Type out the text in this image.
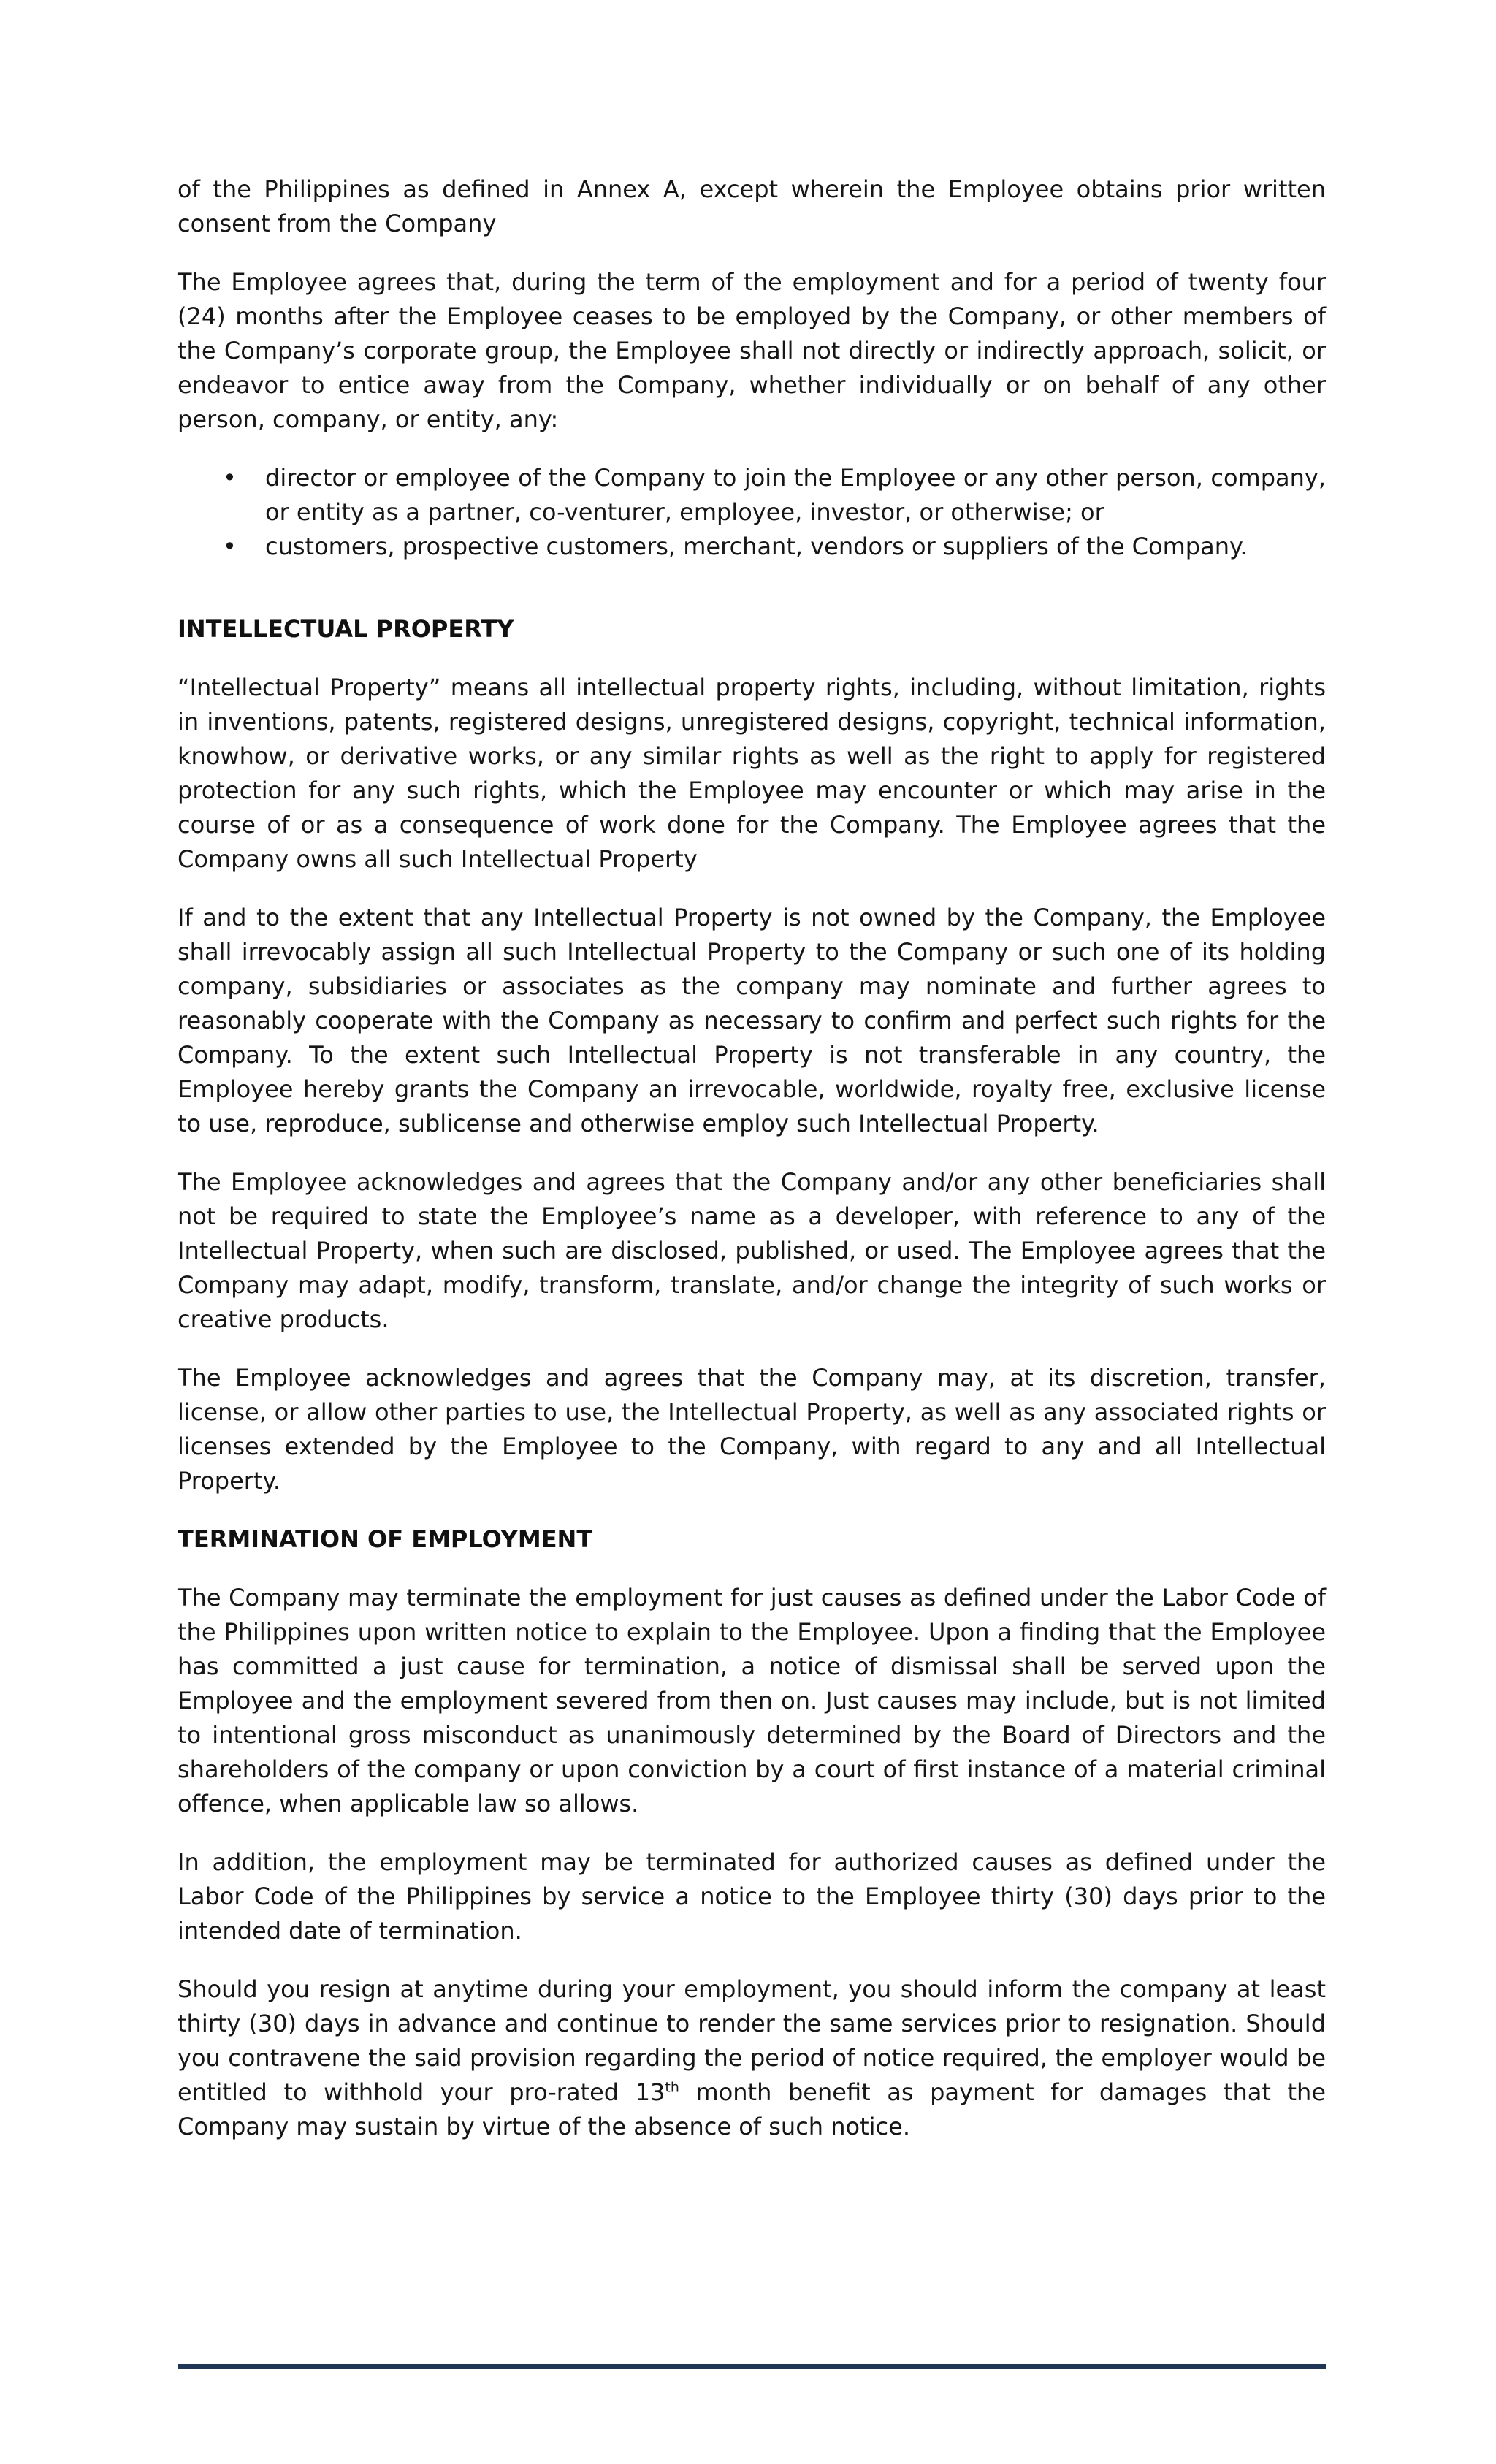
of the Philippines as defined in Annex A, except wherein the Employee obtains prior written consent from the Company

The Employee agrees that, during the term of the employment and for a period of twenty four (24) months after the Employee ceases to be employed by the Company, or other members of the Company’s corporate group, the Employee shall not directly or indirectly approach, solicit, or endeavor to entice away from the Company, whether individually or on behalf of any other person, company, or entity, any:

• director or employee of the Company to join the Employee or any other person, company, or entity as a partner, co-venturer, employee, investor, or otherwise; or
• customers, prospective customers, merchant, vendors or suppliers of the Company.
INTELLECTUAL PROPERTY

“Intellectual Property” means all intellectual property rights, including, without limitation, rights in inventions, patents, registered designs, unregistered designs, copyright, technical information, knowhow, or derivative works, or any similar rights as well as the right to apply for registered protection for any such rights, which the Employee may encounter or which may arise in the course of or as a consequence of work done for the Company. The Employee agrees that the Company owns all such Intellectual Property

If and to the extent that any Intellectual Property is not owned by the Company, the Employee shall irrevocably assign all such Intellectual Property to the Company or such one of its holding company, subsidiaries or associates as the company may nominate and further agrees to reasonably cooperate with the Company as necessary to confirm and perfect such rights for the Company. To the extent such Intellectual Property is not transferable in any country, the Employee hereby grants the Company an irrevocable, worldwide, royalty free, exclusive license to use, reproduce, sublicense and otherwise employ such Intellectual Property.

The Employee acknowledges and agrees that the Company and/or any other beneficiaries shall not be required to state the Employee’s name as a developer, with reference to any of the Intellectual Property, when such are disclosed, published, or used. The Employee agrees that the Company may adapt, modify, transform, translate, and/or change the integrity of such works or creative products.

The Employee acknowledges and agrees that the Company may, at its discretion, transfer, license, or allow other parties to use, the Intellectual Property, as well as any associated rights or licenses extended by the Employee to the Company, with regard to any and all Intellectual Property.

TERMINATION OF EMPLOYMENT

The Company may terminate the employment for just causes as defined under the Labor Code of the Philippines upon written notice to explain to the Employee. Upon a finding that the Employee has committed a just cause for termination, a notice of dismissal shall be served upon the Employee and the employment severed from then on. Just causes may include, but is not limited to intentional gross misconduct as unanimously determined by the Board of Directors and the shareholders of the company or upon conviction by a court of first instance of a material criminal offence, when applicable law so allows.

In addition, the employment may be terminated for authorized causes as defined under the Labor Code of the Philippines by service a notice to the Employee thirty (30) days prior to the intended date of termination.

Should you resign at anytime during your employment, you should inform the company at least thirty (30) days in advance and continue to render the same services prior to resignation. Should you contravene the said provision regarding the period of notice required, the employer would be entitled to withhold your pro-rated 13th month benefit as payment for damages that the Company may sustain by virtue of the absence of such notice.
